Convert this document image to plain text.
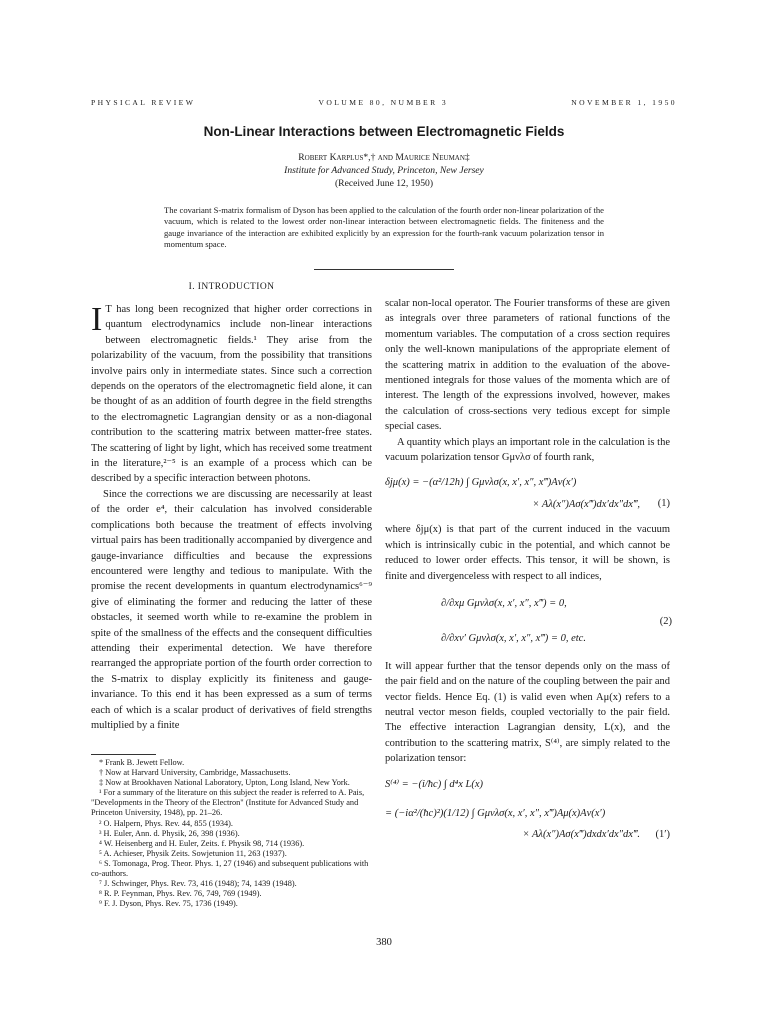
PHYSICAL REVIEW	VOLUME 80, NUMBER 3	NOVEMBER 1, 1950
Non-Linear Interactions between Electromagnetic Fields
Robert Karplus*,† and Maurice Neuman‡
Institute for Advanced Study, Princeton, New Jersey
(Received June 12, 1950)
The covariant S-matrix formalism of Dyson has been applied to the calculation of the fourth order non-linear polarization of the vacuum, which is related to the lowest order non-linear interaction between electromagnetic fields. The finiteness and the gauge invariance of the interaction are exhibited explicitly by an expression for the fourth-rank vacuum polarization tensor in momentum space.
I. INTRODUCTION

I T has long been recognized that higher order corrections in quantum electrodynamics include non-linear interactions between electromagnetic fields.¹ They arise from the polarizability of the vacuum, from the possibility that transitions involve pairs only in intermediate states. Since such a correction depends on the operators of the electromagnetic field alone, it can be thought of as an addition of fourth degree in the field strengths to the electromagnetic Lagrangian density or as a non-diagonal contribution to the scattering matrix between matter-free states. The scattering of light by light, which has received some treatment in the literature,²⁻⁵ is an example of a process which can be described by a specific interaction between photons.

Since the corrections we are discussing are necessarily at least of the order e⁴, their calculation has involved considerable complications both because the treatment of effects involving virtual pairs has been traditionally accompanied by divergence and gauge-invariance difficulties and because the expressions encountered were lengthy and tedious to manipulate. With the promise the recent developments in quantum electrodynamics⁶⁻⁹ give of eliminating the former and reducing the latter of these obstacles, it seemed worth while to re-examine the problem in spite of the smallness of the effects and the consequent difficulties attending their experimental detection. We have therefore rearranged the appropriate portion of the fourth order correction to the S-matrix to display explicitly its finiteness and gauge-invariance. To this end it has been expressed as a sum of terms each of which is a scalar product of derivatives of field strengths multiplied by a finite

* Frank B. Jewett Fellow.

† Now at Harvard University, Cambridge, Massachusetts.

‡ Now at Brookhaven National Laboratory, Upton, Long Island, New York.

¹ For a summary of the literature on this subject the reader is referred to A. Pais, "Developments in the Theory of the Electron" (Institute for Advanced Study and Princeton University, 1948), pp. 21–26.

² O. Halpern, Phys. Rev. 44, 855 (1934).

³ H. Euler, Ann. d. Physik, 26, 398 (1936).

⁴ W. Heisenberg and H. Euler, Zeits. f. Physik 98, 714 (1936).

⁵ A. Achieser, Physik Zeits. Sowjetunion 11, 263 (1937).

⁶ S. Tomonaga, Prog. Theor. Phys. 1, 27 (1946) and subsequent publications with co-authors.

⁷ J. Schwinger, Phys. Rev. 73, 416 (1948); 74, 1439 (1948).

⁸ R. P. Feynman, Phys. Rev. 76, 749, 769 (1949).

⁹ F. J. Dyson, Phys. Rev. 75, 1736 (1949).

scalar non-local operator. The Fourier transforms of these are given as integrals over three parameters of rational functions of the momentum variables. The computation of a cross section requires only the well-known manipulations of the appropriate element of the scattering matrix in addition to the evaluation of the above-mentioned integrals for those values of the momenta which are of interest. The length of the expressions involved, however, makes the calculation of cross-sections very tedious except for simple special cases.

A quantity which plays an important role in the calculation is the vacuum polarization tensor Gμνλσ of fourth rank,

δjμ(x) = −(α²/12h) ∫ Gμνλσ(x, x′, x″, x‴)Aν(x′)
× Aλ(x″)Aσ(x‴)dx′dx″dx‴,	(1)

where δjμ(x) is that part of the current induced in the vacuum which is intrinsically cubic in the potential, and which cannot be reduced to lower order effects. This tensor, it will be shown, is finite and divergenceless with respect to all indices,

∂/∂xμ Gμνλσ(x, x′, x″, x‴) = 0,
∂/∂xν′ Gμνλσ(x, x′, x″, x‴) = 0, etc.
(2)

It will appear further that the tensor depends only on the mass of the pair field and on the nature of the coupling between the pair and vector fields. Hence Eq. (1) is valid even when Aμ(x) refers to a neutral vector meson fields, coupled vectorially to the pair field. The effective interaction Lagrangian density, L(x), and the contribution to the scattering matrix, S⁽⁴⁾, are simply related to the polarization tensor:

S⁽⁴⁾ = −(i/ħc) ∫ d⁴x L(x)
= (−iα²/(ħc)²)(1/12) ∫ Gμνλσ(x, x′, x″, x‴)Aμ(x)Aν(x′)
× Aλ(x″)Aσ(x‴)dxdx′dx″dx‴.	(1′)
380
